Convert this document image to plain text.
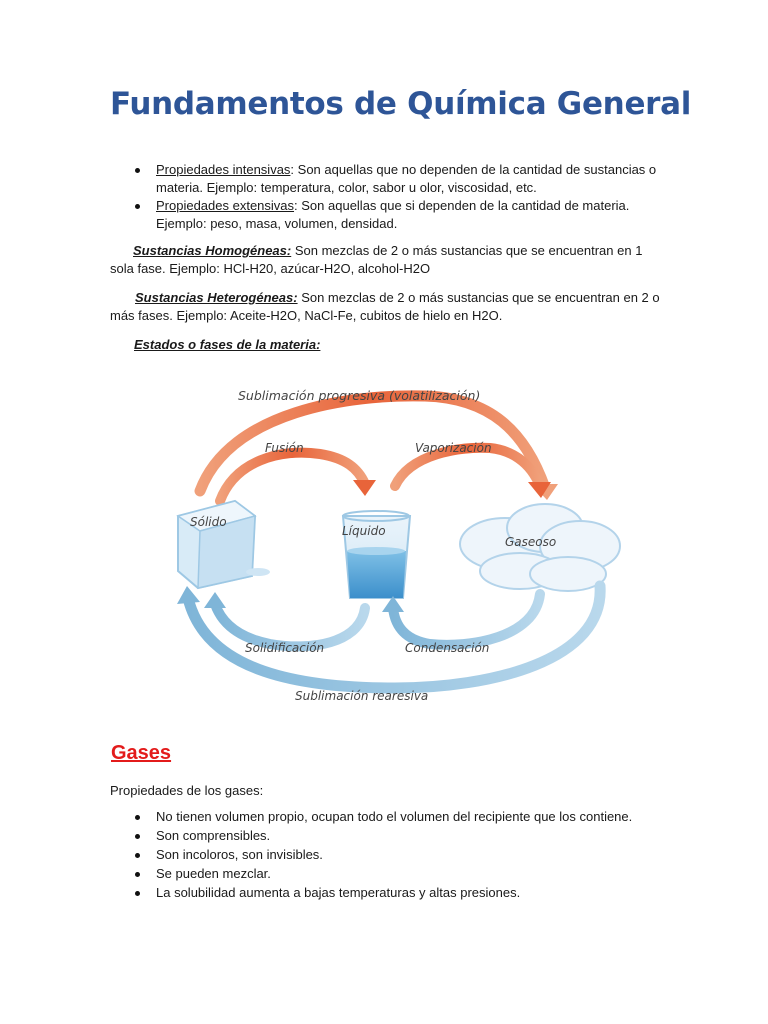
Fundamentos de Química General
Propiedades intensivas: Son aquellas que no dependen de la cantidad de sustancias o materia. Ejemplo: temperatura, color, sabor u olor, viscosidad, etc.
Propiedades extensivas: Son aquellas que si dependen de la cantidad de materia. Ejemplo: peso, masa, volumen, densidad.

Sustancias Homogéneas: Son mezclas de 2 o más sustancias que se encuentran en 1 sola fase. Ejemplo: HCl-H20, azúcar-H2O, alcohol-H2O

Sustancias Heterogéneas: Son mezclas de 2 o más sustancias que se encuentran en 2 o más fases. Ejemplo: Aceite-H2O, NaCl-Fe, cubitos de hielo en H2O.

Estados o fases de la materia:

Sublimación progresiva (volatilización)
Fusión	Vaporización
Sólido
Líquido
Gaseoso
Solidificación	Condensación
Sublimación rearesiva
Gases

Propiedades de los gases:

No tienen volumen propio, ocupan todo el volumen del recipiente que los contiene.
Son comprensibles.
Son incoloros, son invisibles.
Se pueden mezclar.
La solubilidad aumenta a bajas temperaturas y altas presiones.
